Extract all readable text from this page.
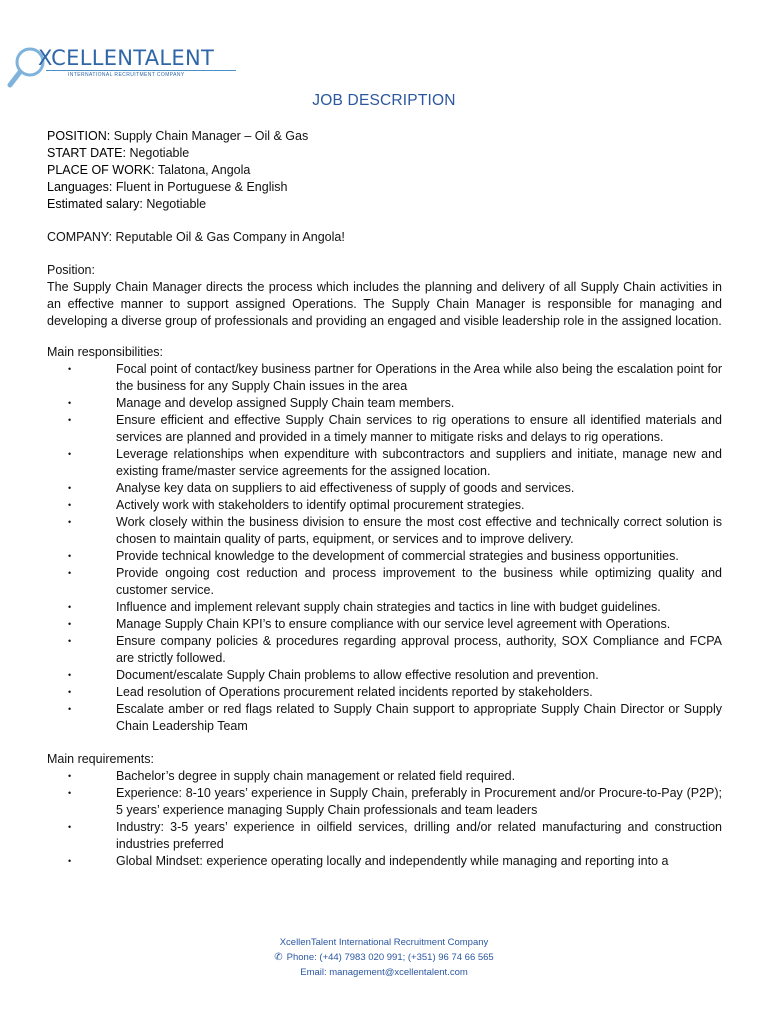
XCELLENTALENT
INTERNATIONAL RECRUITMENT COMPANY
JOB DESCRIPTION

POSITION: Supply Chain Manager – Oil & Gas

START DATE: Negotiable

PLACE OF WORK: Talatona, Angola

Languages: Fluent in Portuguese & English

Estimated salary: Negotiable

COMPANY: Reputable Oil & Gas Company in Angola!

Position:

The Supply Chain Manager directs the process which includes the planning and delivery of all Supply Chain activities in an effective manner to support assigned Operations. The Supply Chain Manager is responsible for managing and developing a diverse group of professionals and providing an engaged and visible leadership role in the assigned location.

Main responsibilities:

•	Focal point of contact/key business partner for Operations in the Area while also being the escalation point for the business for any Supply Chain issues in the area
•	Manage and develop assigned Supply Chain team members.
•	Ensure efficient and effective Supply Chain services to rig operations to ensure all identified materials and services are planned and provided in a timely manner to mitigate risks and delays to rig operations.
•	Leverage relationships when expenditure with subcontractors and suppliers and initiate, manage new and existing frame/master service agreements for the assigned location.
•	Analyse key data on suppliers to aid effectiveness of supply of goods and services.
•	Actively work with stakeholders to identify optimal procurement strategies.
•	Work closely within the business division to ensure the most cost effective and technically correct solution is chosen to maintain quality of parts, equipment, or services and to improve delivery.
•	Provide technical knowledge to the development of commercial strategies and business opportunities.
•	Provide ongoing cost reduction and process improvement to the business while optimizing quality and customer service.
•	Influence and implement relevant supply chain strategies and tactics in line with budget guidelines.
•	Manage Supply Chain KPI’s to ensure compliance with our service level agreement with Operations.
•	Ensure company policies & procedures regarding approval process, authority, SOX Compliance and FCPA are strictly followed.
•	Document/escalate Supply Chain problems to allow effective resolution and prevention.
•	Lead resolution of Operations procurement related incidents reported by stakeholders.
•	Escalate amber or red flags related to Supply Chain support to appropriate Supply Chain Director or Supply Chain Leadership Team

Main requirements:

•	Bachelor’s degree in supply chain management or related field required.
•	Experience: 8-10 years’ experience in Supply Chain, preferably in Procurement and/or Procure-to-Pay (P2P); 5 years’ experience managing Supply Chain professionals and team leaders
•	Industry: 3-5 years’ experience in oilfield services, drilling and/or related manufacturing and construction industries preferred
•	Global Mindset: experience operating locally and independently while managing and reporting into a
XcellenTalent International Recruitment Company
✆ Phone: (+44) 7983 020 991; (+351) 96 74 66 565
Email: management@xcellentalent.com
